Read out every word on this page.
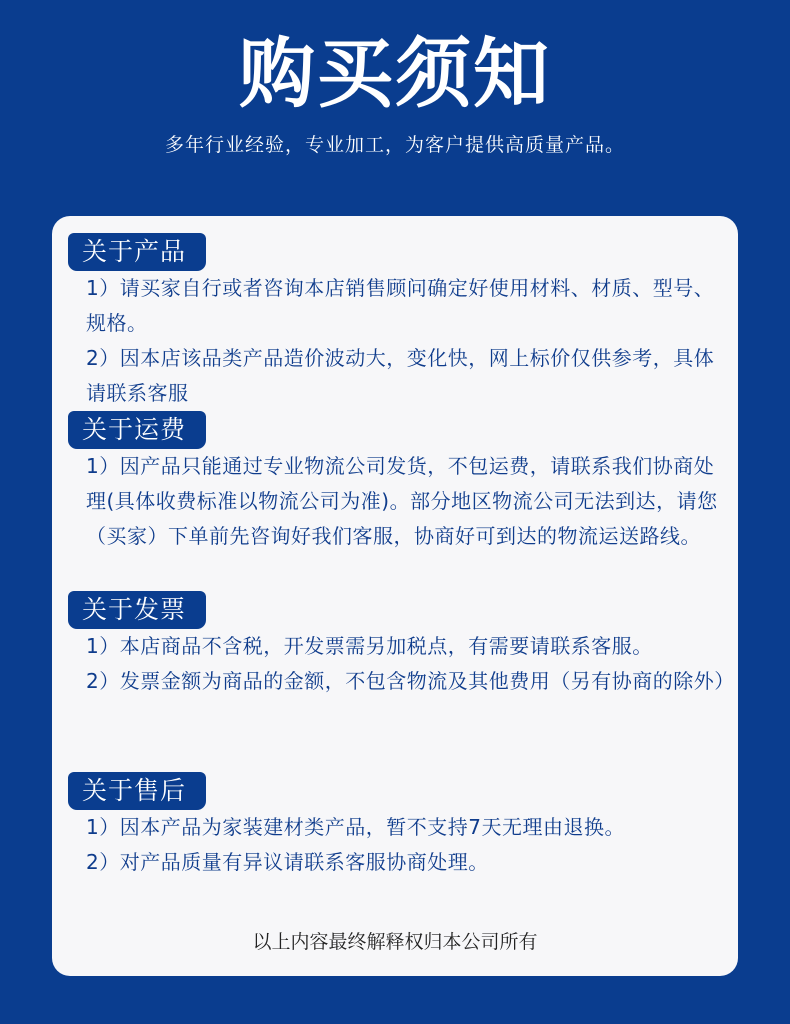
购买须知
多年行业经验，专业加工，为客户提供高质量产品。
关于产品
1）请买家自行或者咨询本店销售顾问确定好使用材料、材质、型号、规格。
2）因本店该品类产品造价波动大，变化快，网上标价仅供参考，具体请联系客服
关于运费
1）因产品只能通过专业物流公司发货，不包运费，请联系我们协商处理(具体收费标准以物流公司为准)。部分地区物流公司无法到达，请您（买家）下单前先咨询好我们客服，协商好可到达的物流运送路线。
关于发票
1）本店商品不含税，开发票需另加税点，有需要请联系客服。
2）发票金额为商品的金额，不包含物流及其他费用（另有协商的除外）
关于售后
1）因本产品为家装建材类产品，暂不支持7天无理由退换。
2）对产品质量有异议请联系客服协商处理。
以上内容最终解释权归本公司所有
